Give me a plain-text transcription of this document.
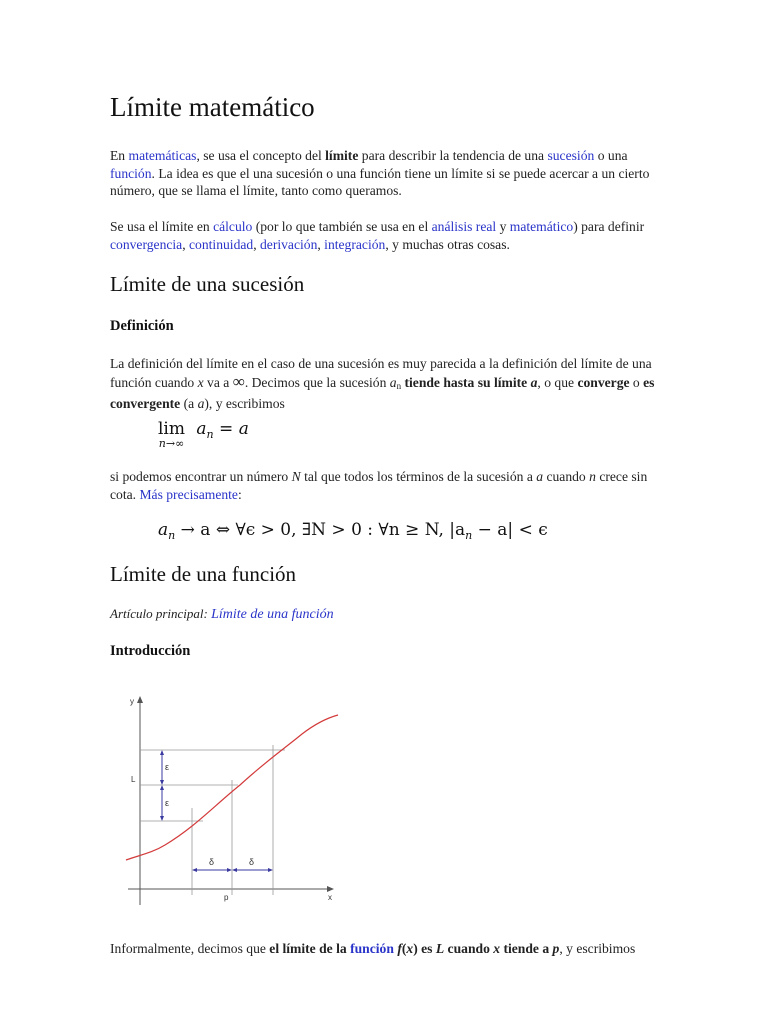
Límite matemático

En matemáticas, se usa el concepto del límite para describir la tendencia de una sucesión o una función. La idea es que el una sucesión o una función tiene un límite si se puede acercar a un cierto número, que se llama el límite, tanto como queramos.

Se usa el límite en cálculo (por lo que también se usa en el análisis real y matemático) para definir convergencia, continuidad, derivación, integración, y muchas otras cosas.

Límite de una sucesión
Definición

La definición del límite en el caso de una sucesión es muy parecida a la definición del límite de una función cuando x va a ∞. Decimos que la sucesión $a_n$ tiende hasta su límite a, o que converge o es convergente (a a), y escribimos

lim
n→∞
$a_n = a$

si podemos encontrar un número N tal que todos los términos de la sucesión a a cuando n crece sin cota. Más precisamente:

$a_n \to a$ ⇔ ∀ϵ > 0, ∃N > 0 : ∀n ≥ N, $|a_n - a| < \epsilon$
Límite de una función
Artículo principal: Límite de una función
Introducción

Informalmente, decimos que el límite de la función f(x) es L cuando x tiende a p, y escribimos

y
x
ε
ε
L
δ	δ
p
